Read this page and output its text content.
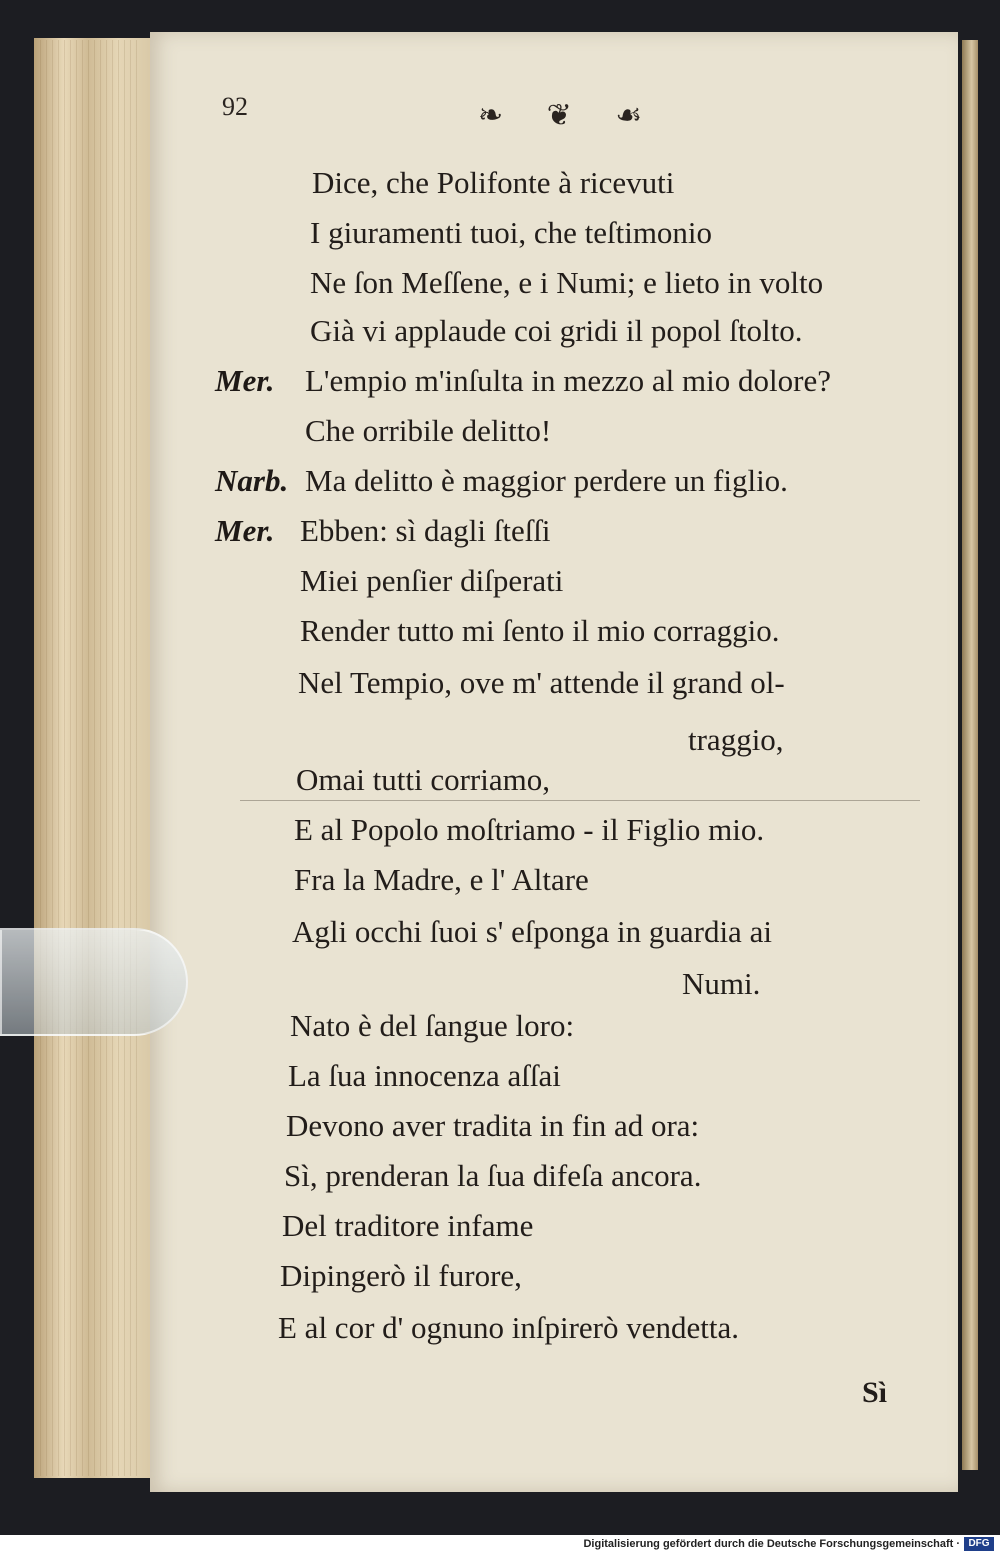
92	❧ ❦ ☙
Dice, che Polifonte à ricevuti
I giuramenti tuoi, che teſtimonio
Ne ſon Meſſene, e i Numi; e lieto in volto
Già vi applaude coi gridi il popol ſtolto.
Mer. L'empio m'inſulta in mezzo al mio dolore?
Che orribile delitto!
Narb. Ma delitto è maggior perdere un figlio.
Mer. Ebben: sì dagli ſteſſi
Miei penſier diſperati
Render tutto mi ſento il mio corraggio.
Nel Tempio, ove m' attende il grand ol-
traggio,
Omai tutti corriamo,
E al Popolo moſtriamo - il Figlio mio.
Fra la Madre, e l' Altare
Agli occhi ſuoi s' eſponga in guardia ai
Numi.
Nato è del ſangue loro:
La ſua innocenza aſſai
Devono aver tradita in fin ad ora:
Sì, prenderan la ſua difeſa ancora.
Del traditore infame
Dipingerò il furore,
E al cor d' ognuno inſpirerò vendetta.
Sì
Digitalisierung gefördert durch die Deutsche Forschungsgemeinschaft · DFG
